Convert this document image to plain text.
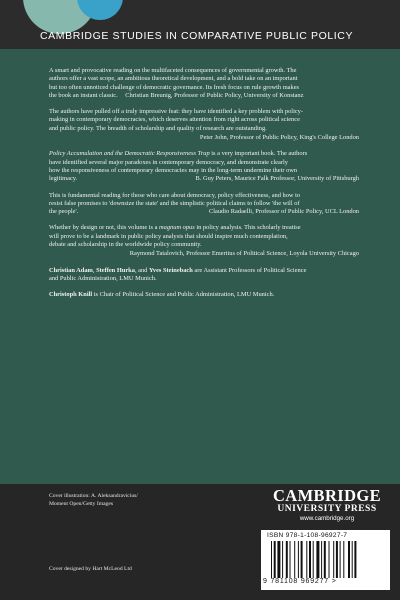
CAMBRIDGE STUDIES IN COMPARATIVE PUBLIC POLICY
A smart and provocative reading on the multifaceted consequences of governmental growth. The
authors offer a vast scope, an ambitious theoretical development, and a bold take on an important
but too often unnoticed challenge of democratic governance. Its fresh focus on rule growth makes
the book an instant classic. Christian Breunig, Professor of Public Policy, University of Konstanz
The authors have pulled off a truly impressive feat: they have identified a key problem with policy-
making in contemporary democracies, which deserves attention from right across political science
and public policy. The breadth of scholarship and quality of research are outstanding.
Peter John, Professor of Public Policy, King's College London
Policy Accumulation and the Democratic Responsiveness Trap is a very important book. The authors
have identified several major paradoxes in contemporary democracy, and demonstrate clearly
how the responsiveness of contemporary democracies may in the long-term undermine their own
legitimacy.	B. Guy Peters, Maurice Falk Professor, University of Pittsburgh
This is fundamental reading for those who care about democracy, policy effectiveness, and how to
resist false promises to 'downsize the state' and the simplistic political claims to follow 'the will of
the people'.	Claudio Radaelli, Professor of Public Policy, UCL London
Whether by design or not, this volume is a magnum opus in policy analysis. This scholarly treatise
will prove to be a landmark in public policy analysis that should inspire much contemplation,
debate and scholarship in the worldwide policy community.
Raymond Tatalovich, Professor Emeritus of Political Science, Loyola University Chicago
Christian Adam, Steffen Hurka, and Yves Steinebach are Assistant Professors of Political Science
and Public Administration, LMU Munich.
Christoph Knill is Chair of Political Science and Public Administration, LMU Munich.
Cover illustration: A. Aleksandravicius/
Moment Open/Getty Images
Cover designed by Hart McLeod Ltd
CAMBRIDGE
UNIVERSITY PRESS
www.cambridge.org
ISBN 978-1-108-96927-7
9 781108 969277 >
